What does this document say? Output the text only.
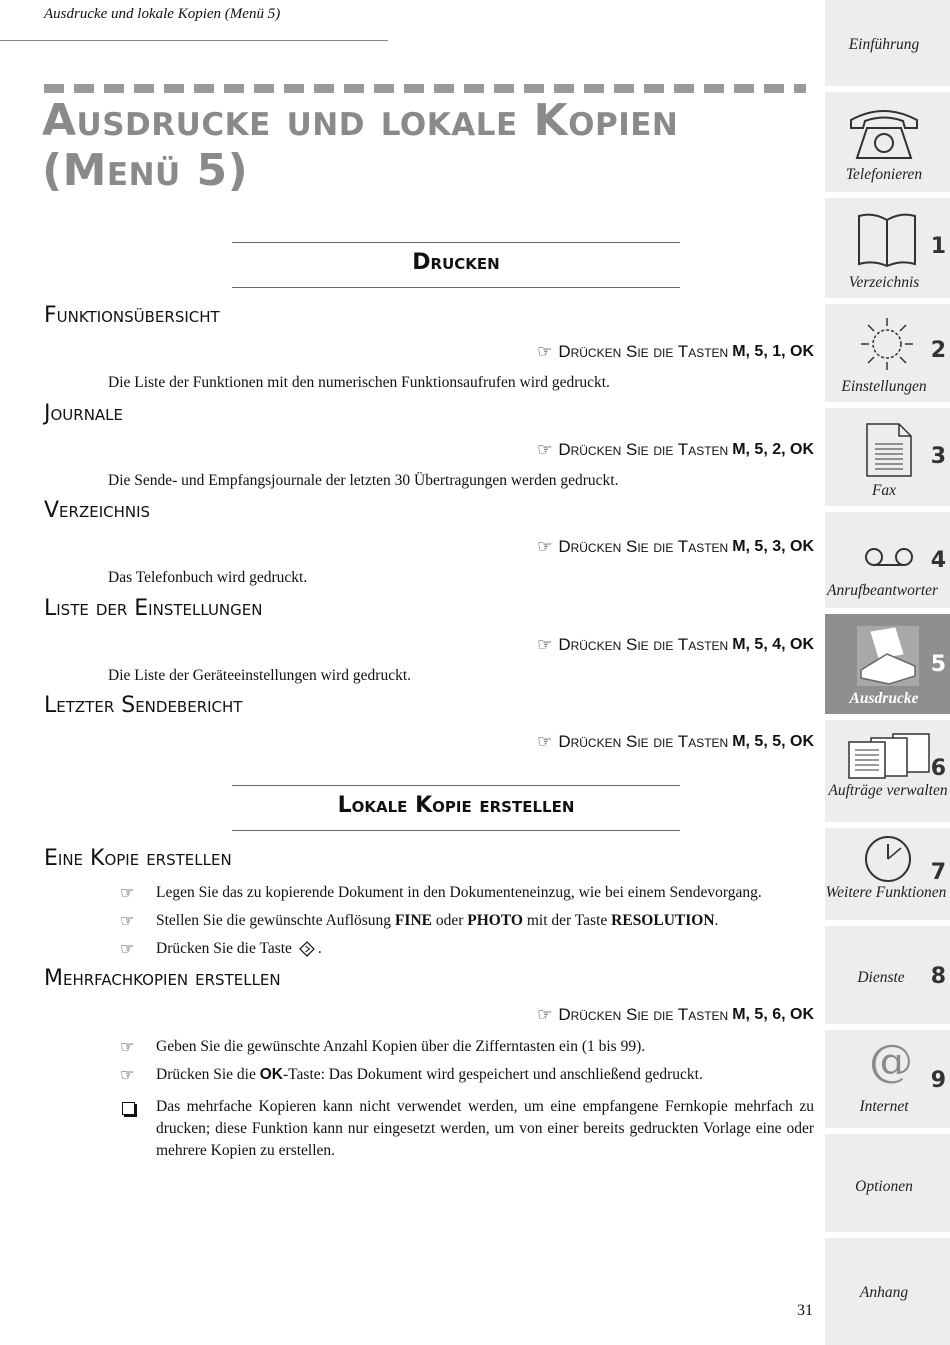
Ausdrucke und lokale Kopien (Menü 5)
Ausdrucke und lokale Kopien
(Menü 5)
Drucken
Funktionsübersicht
☞ Drücken Sie die Tasten M, 5, 1, OK
Die Liste der Funktionen mit den numerischen Funktionsaufrufen wird gedruckt.
Journale
☞ Drücken Sie die Tasten M, 5, 2, OK
Die Sende- und Empfangsjournale der letzten 30 Übertragungen werden gedruckt.
Verzeichnis
☞ Drücken Sie die Tasten M, 5, 3, OK
Das Telefonbuch wird gedruckt.
Liste der Einstellungen
☞ Drücken Sie die Tasten M, 5, 4, OK
Die Liste der Geräteeinstellungen wird gedruckt.
Letzter Sendebericht
☞ Drücken Sie die Tasten M, 5, 5, OK
Lokale Kopie erstellen
Eine Kopie erstellen
☞ Legen Sie das zu kopierende Dokument in den Dokumenteneinzug, wie bei einem Sendevorgang.
☞ Stellen Sie die gewünschte Auflösung FINE oder PHOTO mit der Taste RESOLUTION.
☞ Drücken Sie die Taste .
Mehrfachkopien erstellen
☞ Drücken Sie die Tasten M, 5, 6, OK
☞ Geben Sie die gewünschte Anzahl Kopien über die Zifferntasten ein (1 bis 99).
☞ Drücken Sie die OK-Taste: Das Dokument wird gespeichert und anschließend gedruckt.
Das mehrfache Kopieren kann nicht verwendet werden, um eine empfangene Fernkopie mehrfach zu drucken; diese Funktion kann nur eingesetzt werden, um von einer bereits gedruckten Vorlage eine oder mehrere Kopien zu erstellen.
31
Einführung
Telefonieren
1
Verzeichnis
2
Einstellungen
3
Fax
4
Anrufbeantworter
5
Ausdrucke
6
Aufträge verwalten
7
Weitere Funktionen
8
Dienste
@ 9
Internet
Optionen
Anhang
